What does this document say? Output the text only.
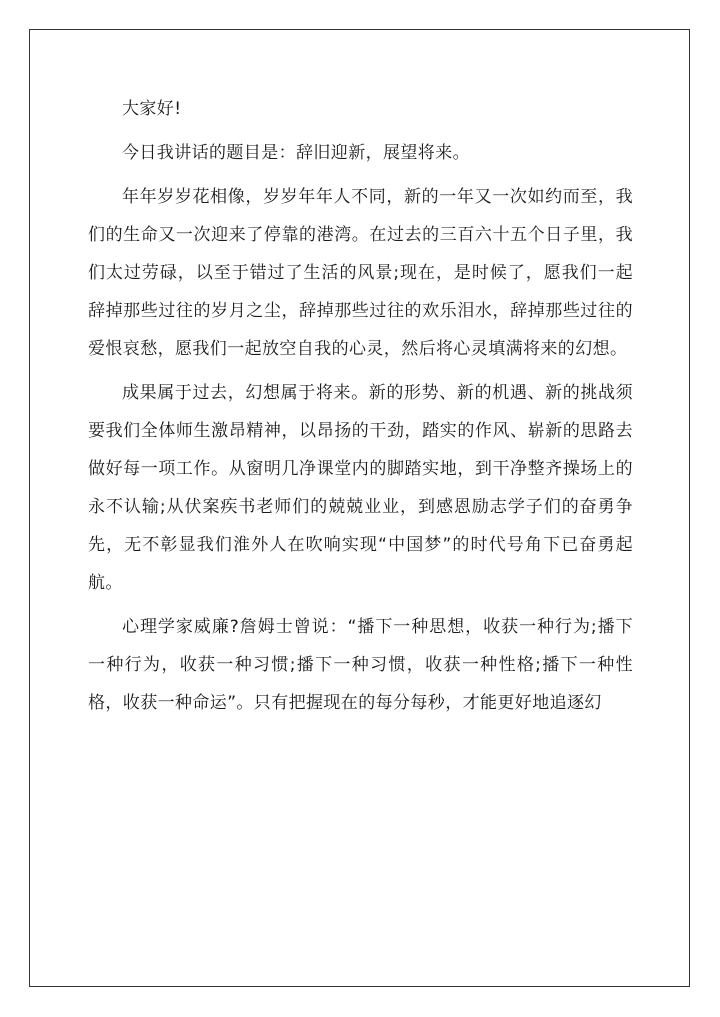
大家好!

今日我讲话的题目是：辞旧迎新，展望将来。

年年岁岁花相像，岁岁年年人不同，新的一年又一次如约而至，我们的生命又一次迎来了停靠的港湾。在过去的三百六十五个日子里，我们太过劳碌，以至于错过了生活的风景;现在，是时候了，愿我们一起辞掉那些过往的岁月之尘，辞掉那些过往的欢乐泪水，辞掉那些过往的爱恨哀愁，愿我们一起放空自我的心灵，然后将心灵填满将来的幻想。

成果属于过去，幻想属于将来。新的形势、新的机遇、新的挑战须要我们全体师生激昂精神，以昂扬的干劲，踏实的作风、崭新的思路去做好每一项工作。从窗明几净课堂内的脚踏实地，到干净整齐操场上的永不认输;从伏案疾书老师们的兢兢业业，到感恩励志学子们的奋勇争先，无不彰显我们淮外人在吹响实现“中国梦”的时代号角下已奋勇起航。

心理学家威廉?詹姆士曾说：“播下一种思想，收获一种行为;播下一种行为，收获一种习惯;播下一种习惯，收获一种性格;播下一种性格，收获一种命运”。只有把握现在的每分每秒，才能更好地追逐幻
